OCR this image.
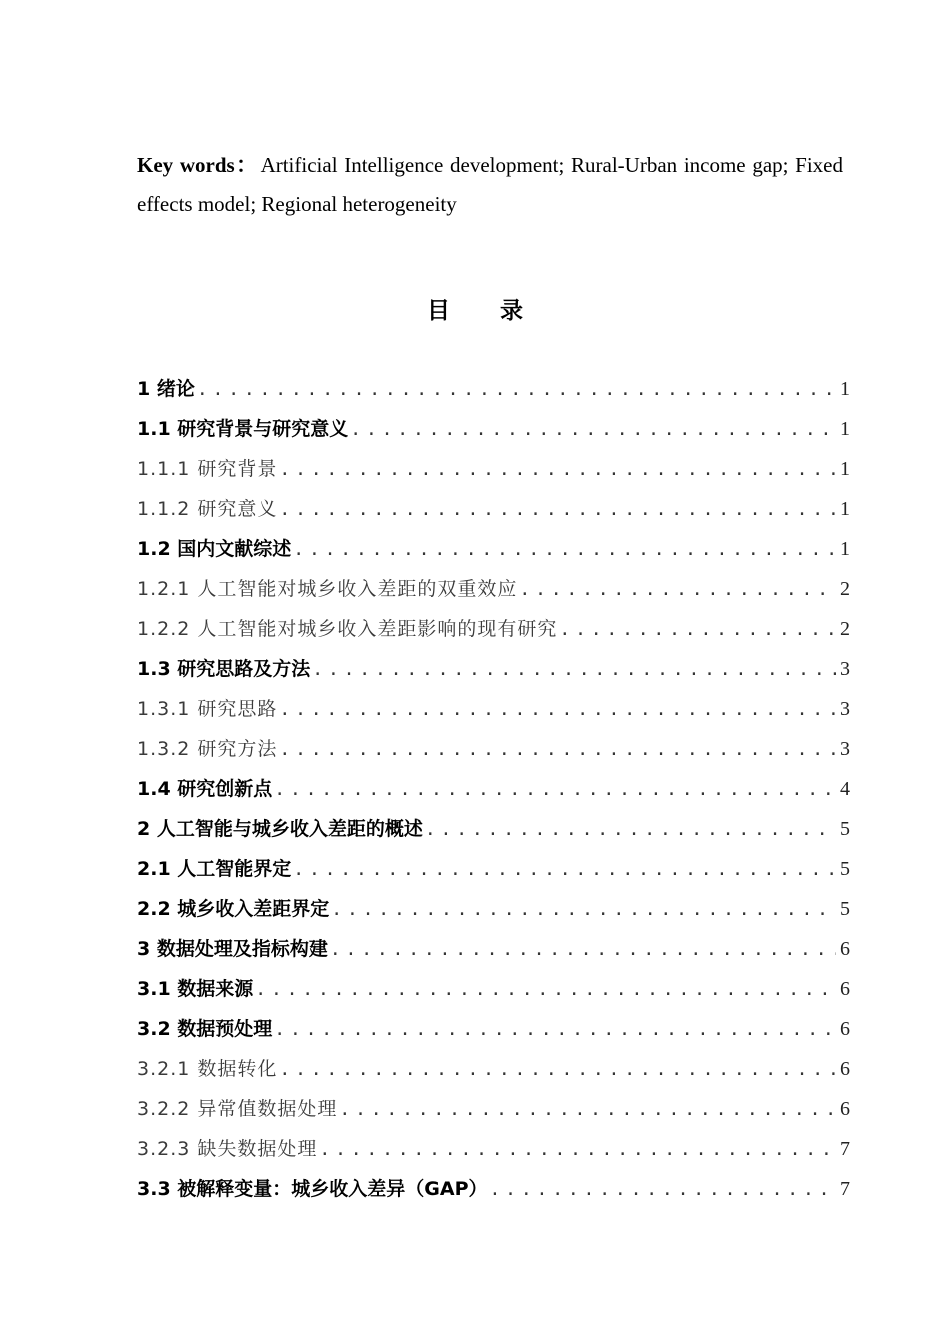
Key words：Artificial Intelligence development; Rural-Urban income gap; Fixed effects model; Regional heterogeneity
目录
1 绪论 . . .	1
1.1 研究背景与研究意义 . . .	1
1.1.1 研究背景 . . .	1
1.1.2 研究意义 . . .	1
1.2 国内文献综述 . . .	1
1.2.1 人工智能对城乡收入差距的双重效应 . . .	2
1.2.2 人工智能对城乡收入差距影响的现有研究 . . .	2
1.3 研究思路及方法 . . .	3
1.3.1 研究思路 . . .	3
1.3.2 研究方法 . . .	3
1.4 研究创新点 . . .	4
2 人工智能与城乡收入差距的概述 . . .	5
2.1 人工智能界定 . . .	5
2.2 城乡收入差距界定 . . .	5
3 数据处理及指标构建 . . .	6
3.1 数据来源 . . .	6
3.2 数据预处理 . . .	6
3.2.1 数据转化 . . .	6
3.2.2 异常值数据处理 . . .	6
3.2.3 缺失数据处理 . . .	7
3.3 被解释变量：城乡收入差异（GAP） . . .	7
